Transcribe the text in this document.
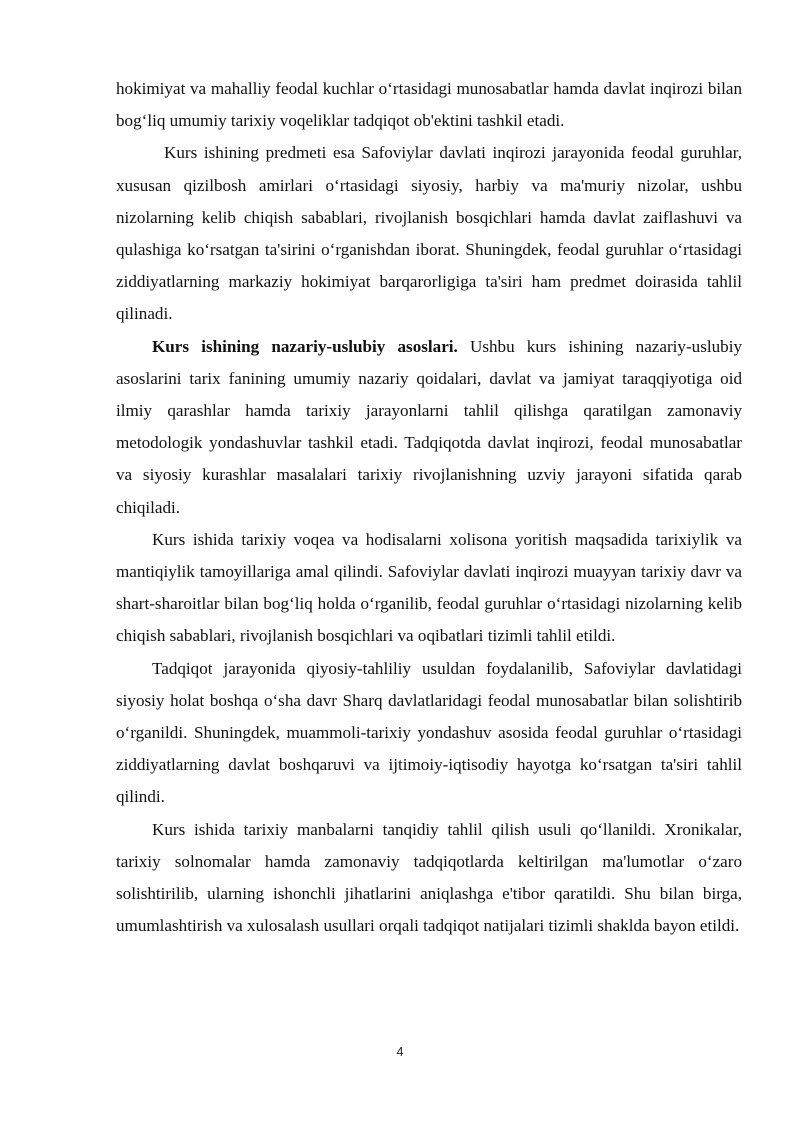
hokimiyat va mahalliy feodal kuchlar o‘rtasidagi munosabatlar hamda davlat inqirozi bilan bog‘liq umumiy tarixiy voqeliklar tadqiqot ob'ektini tashkil etadi.

Kurs ishining predmeti esa Safoviylar davlati inqirozi jarayonida feodal guruhlar, xususan qizilbosh amirlari o‘rtasidagi siyosiy, harbiy va ma'muriy nizolar, ushbu nizolarning kelib chiqish sabablari, rivojlanish bosqichlari hamda davlat zaiflashuvi va qulashiga ko‘rsatgan ta'sirini o‘rganishdan iborat. Shuningdek, feodal guruhlar o‘rtasidagi ziddiyatlarning markaziy hokimiyat barqarorligiga ta'siri ham predmet doirasida tahlil qilinadi.

Kurs ishining nazariy-uslubiy asoslari. Ushbu kurs ishining nazariy-uslubiy asoslarini tarix fanining umumiy nazariy qoidalari, davlat va jamiyat taraqqiyotiga oid ilmiy qarashlar hamda tarixiy jarayonlarni tahlil qilishga qaratilgan zamonaviy metodologik yondashuvlar tashkil etadi. Tadqiqotda davlat inqirozi, feodal munosabatlar va siyosiy kurashlar masalalari tarixiy rivojlanishning uzviy jarayoni sifatida qarab chiqiladi.

Kurs ishida tarixiy voqea va hodisalarni xolisona yoritish maqsadida tarixiylik va mantiqiylik tamoyillariga amal qilindi. Safoviylar davlati inqirozi muayyan tarixiy davr va shart-sharoitlar bilan bog‘liq holda o‘rganilib, feodal guruhlar o‘rtasidagi nizolarning kelib chiqish sabablari, rivojlanish bosqichlari va oqibatlari tizimli tahlil etildi.

Tadqiqot jarayonida qiyosiy-tahliliy usuldan foydalanilib, Safoviylar davlatidagi siyosiy holat boshqa o‘sha davr Sharq davlatlaridagi feodal munosabatlar bilan solishtirib o‘rganildi. Shuningdek, muammoli-tarixiy yondashuv asosida feodal guruhlar o‘rtasidagi ziddiyatlarning davlat boshqaruvi va ijtimoiy-iqtisodiy hayotga ko‘rsatgan ta'siri tahlil qilindi.

Kurs ishida tarixiy manbalarni tanqidiy tahlil qilish usuli qo‘llanildi. Xronikalar, tarixiy solnomalar hamda zamonaviy tadqiqotlarda keltirilgan ma'lumotlar o‘zaro solishtirilib, ularning ishonchli jihatlarini aniqlashga e'tibor qaratildi. Shu bilan birga, umumlashtirish va xulosalash usullari orqali tadqiqot natijalari tizimli shaklda bayon etildi.

4
